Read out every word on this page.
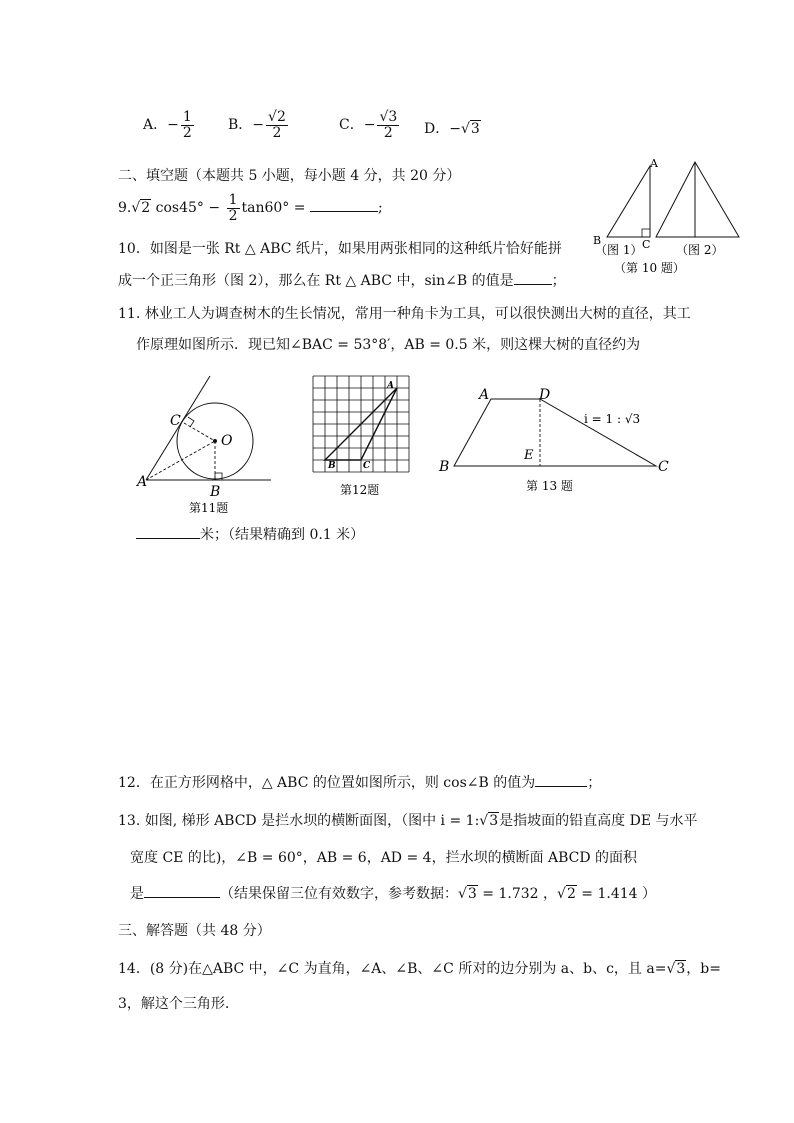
A．− $\frac{1}{2}$ B．− $\frac{√2}{2}$	C．− $\frac{√3}{2}$ D．−√3
二、填空题（本题共 5 小题，每小题 4 分，共 20 分）
9.√2 $\cos 45^\circ - \frac{1}{2} \tan 60^\circ$ =	;
10．如图是一张 Rt △ ABC 纸片，如果用两张相同的这种纸片恰好能拼
成一个正三角形（图 2），那么在 Rt △ ABC 中，sin∠B 的值是	；
A
B	C
（图 1）	（图 2）
（第 10 题）
11. 林业工人为调查树木的生长情况，常用一种角卡为工具，可以很快测出大树的直径，其工
作原理如图所示．现已知∠BAC = 53°8′，AB = 0.5 米，则这棵大树的直径约为
A
B
C
O
第11题
A
B	C
第12题
A	D
B	C
E
i = 1 : √3
第 13 题
米；（结果精确到 0.1 米）
12．在正方形网格中，△ ABC 的位置如图所示，则 cos∠B 的值为	；
13. 如图, 梯形 ABCD 是拦水坝的横断面图，（图中 i = 1:√3是指坡面的铅直高度 DE 与水平
宽度 CE 的比)，∠B = 60°，AB = 6，AD = 4，拦水坝的横断面 ABCD 的面积
是	（结果保留三位有效数字，参考数据：√3 = 1.732 ，√2 = 1.414 ）
三、解答题（共 48 分）
14．(8 分)在△ABC 中，∠C 为直角，∠A、∠B、∠C 所对的边分别为 a、b、c，且 a=√3，b=
3，解这个三角形.
